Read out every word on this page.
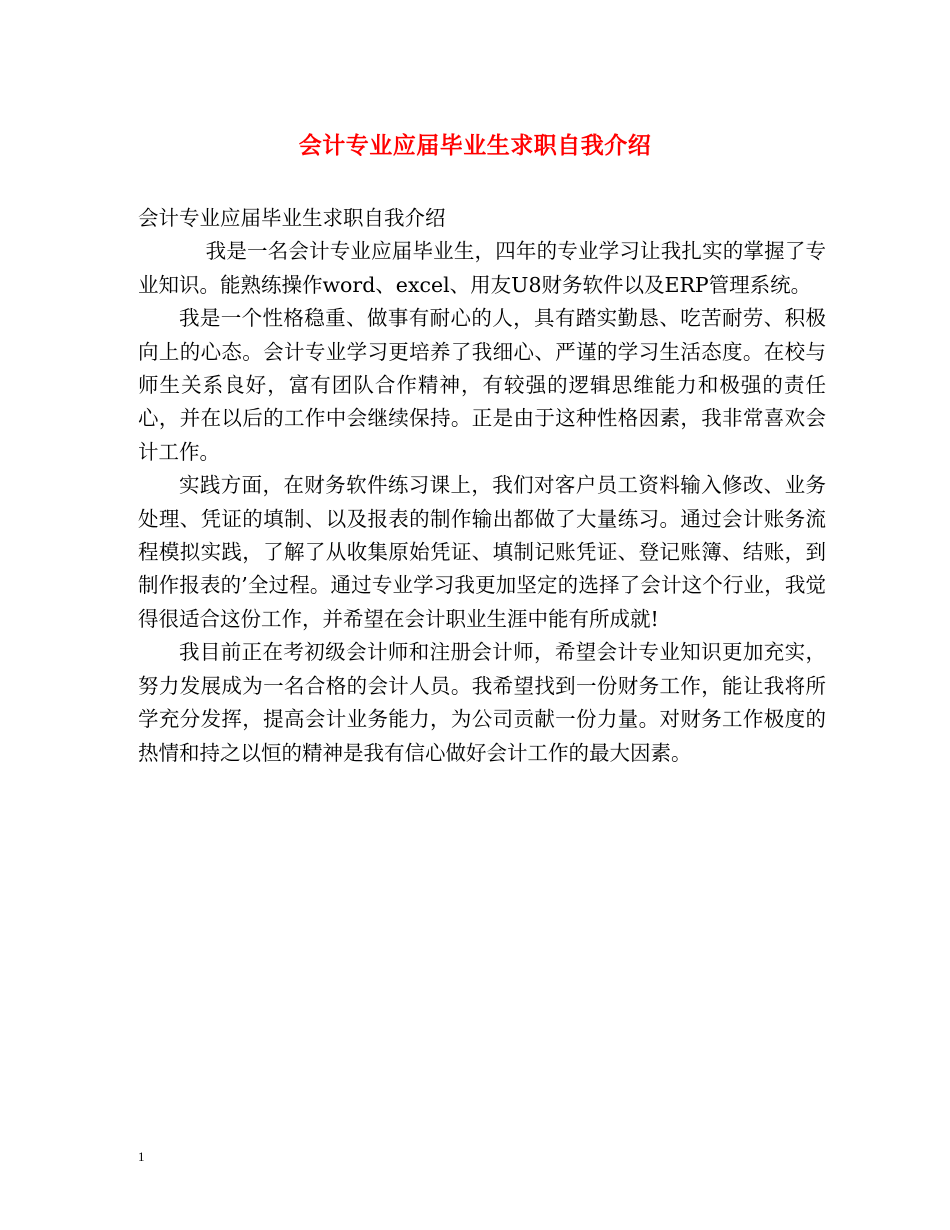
会计专业应届毕业生求职自我介绍

会计专业应届毕业生求职自我介绍

我是一名会计专业应届毕业生，四年的专业学习让我扎实的掌握了专业知识。能熟练操作word、excel、用友U8财务软件以及ERP管理系统。

我是一个性格稳重、做事有耐心的人，具有踏实勤恳、吃苦耐劳、积极向上的心态。会计专业学习更培养了我细心、严谨的学习生活态度。在校与师生关系良好，富有团队合作精神，有较强的逻辑思维能力和极强的责任心，并在以后的工作中会继续保持。正是由于这种性格因素，我非常喜欢会计工作。

实践方面，在财务软件练习课上，我们对客户员工资料输入修改、业务处理、凭证的填制、以及报表的制作输出都做了大量练习。通过会计账务流程模拟实践，了解了从收集原始凭证、填制记账凭证、登记账簿、结账，到制作报表的’全过程。通过专业学习我更加坚定的选择了会计这个行业，我觉得很适合这份工作，并希望在会计职业生涯中能有所成就!

我目前正在考初级会计师和注册会计师，希望会计专业知识更加充实，努力发展成为一名合格的会计人员。我希望找到一份财务工作，能让我将所学充分发挥，提高会计业务能力，为公司贡献一份力量。对财务工作极度的热情和持之以恒的精神是我有信心做好会计工作的最大因素。

1
